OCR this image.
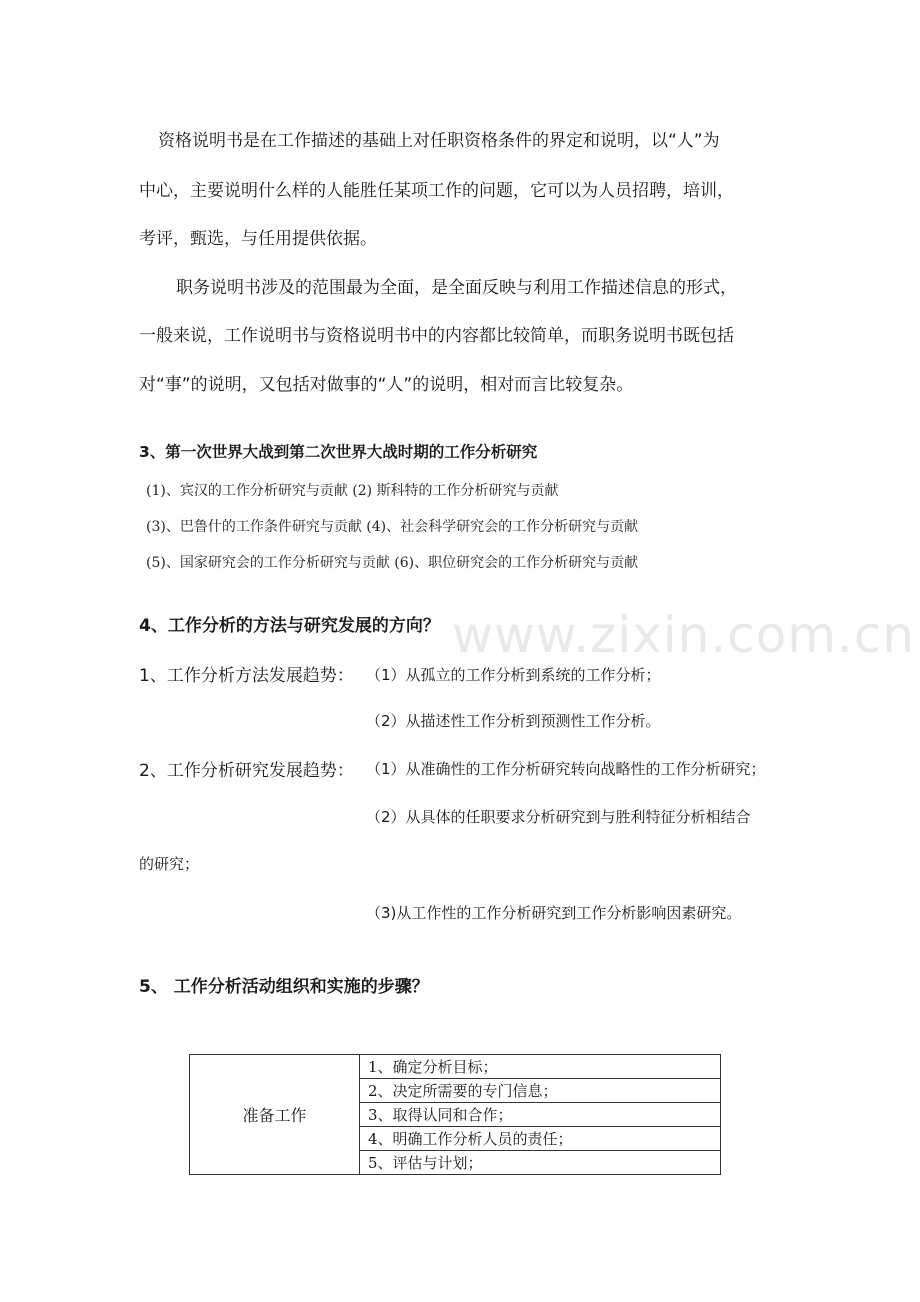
www.zixin.com.cn
资格说明书是在工作描述的基础上对任职资格条件的界定和说明，以“人”为
中心，主要说明什么样的人能胜任某项工作的问题，它可以为人员招聘，培训，
考评，甄选，与任用提供依据。
职务说明书涉及的范围最为全面，是全面反映与利用工作描述信息的形式，
一般来说，工作说明书与资格说明书中的内容都比较简单，而职务说明书既包括
对“事”的说明，又包括对做事的“人”的说明，相对而言比较复杂。
3、第一次世界大战到第二次世界大战时期的工作分析研究
(1)、宾汉的工作分析研究与贡献 (2) 斯科特的工作分析研究与贡献
(3)、巴鲁什的工作条件研究与贡献 (4)、社会科学研究会的工作分析研究与贡献
(5)、国家研究会的工作分析研究与贡献 (6)、职位研究会的工作分析研究与贡献
4、工作分析的方法与研究发展的方向？
1、工作分析方法发展趋势： （1）从孤立的工作分析到系统的工作分析；
（2）从描述性工作分析到预测性工作分析。
2、工作分析研究发展趋势： （1）从准确性的工作分析研究转向战略性的工作分析研究；
（2）从具体的任职要求分析研究到与胜利特征分析相结合
的研究；
（3)从工作性的工作分析研究到工作分析影响因素研究。
5、 工作分析活动组织和实施的步骤？
准备工作	1、确定分析目标；
2、决定所需要的专门信息；
3、取得认同和合作；
4、明确工作分析人员的责任；
5、评估与计划；
